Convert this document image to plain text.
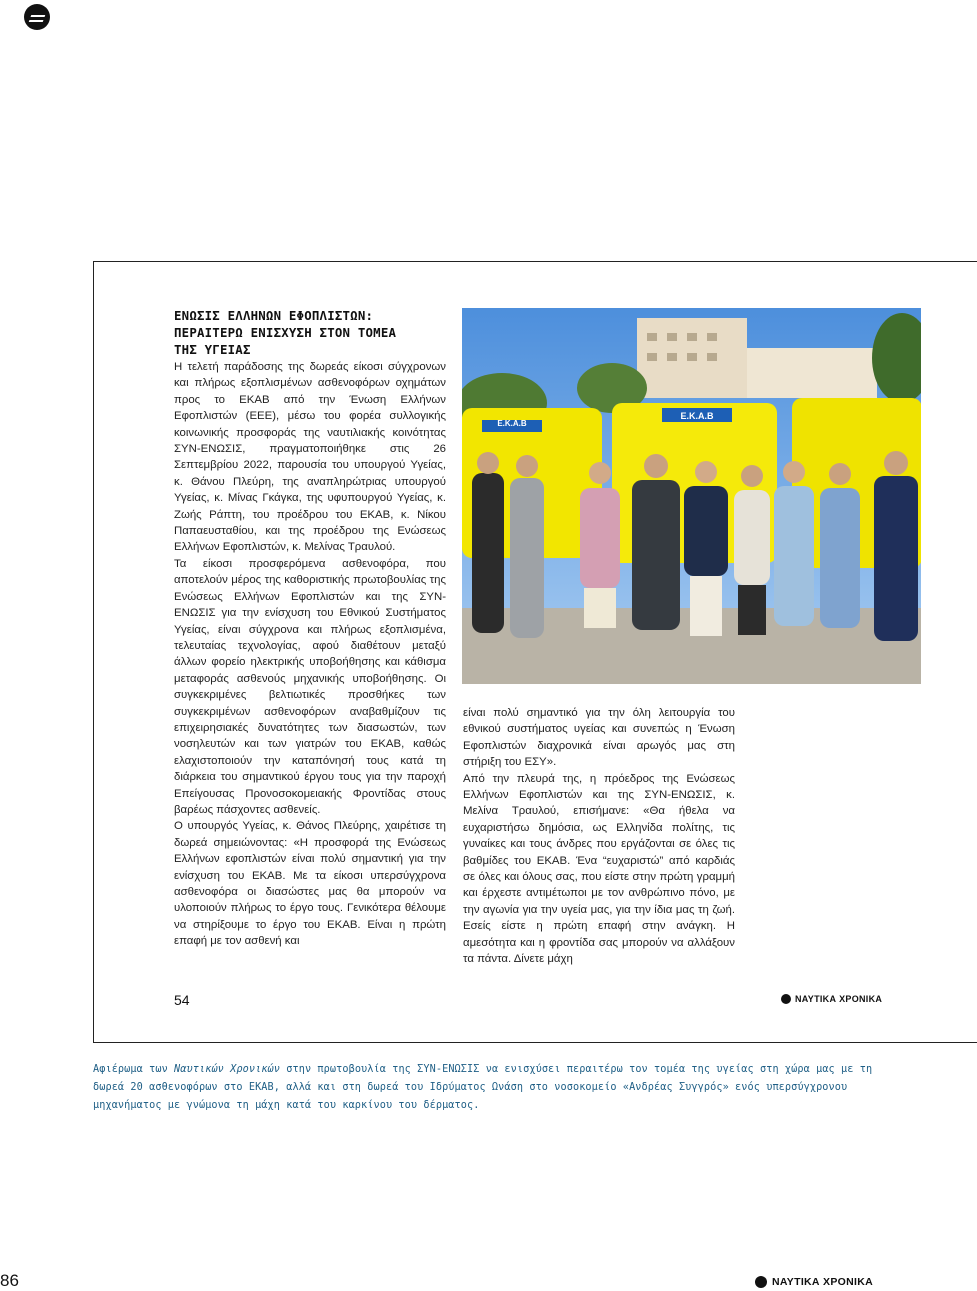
ΕΝΩΣΙΣ ΕΛΛΗΝΩΝ ΕΦΟΠΛΙΣΤΩΝ:
ΠΕΡΑΙΤΕΡΩ ΕΝΙΣΧΥΣΗ ΣΤΟΝ ΤΟΜΕΑ
ΤΗΣ ΥΓΕΙΑΣ

Η τελετή παράδοσης της δωρεάς είκοσι σύγχρονων και πλήρως εξοπλισμένων ασθενοφόρων οχημάτων προς το ΕΚΑΒ από την Ένωση Ελλήνων Εφοπλιστών (ΕΕΕ), μέσω του φορέα συλλογικής κοινωνικής προσφοράς της ναυτιλιακής κοινότητας ΣΥΝ-ΕΝΩΣΙΣ, πραγματοποιήθηκε στις 26 Σεπτεμβρίου 2022, παρουσία του υπουργού Υγείας, κ. Θάνου Πλεύρη, της αναπληρώτριας υπουργού Υγείας, κ. Μίνας Γκάγκα, της υφυπουργού Υγείας, κ. Ζωής Ράπτη, του προέδρου του ΕΚΑΒ, κ. Νίκου Παπαευσταθίου, και της προέδρου της Ενώσεως Ελλήνων Εφοπλιστών, κ. Μελίνας Τραυλού.

Τα είκοσι προσφερόμενα ασθενοφόρα, που αποτελούν μέρος της καθοριστικής πρωτοβουλίας της Ενώσεως Ελλήνων Εφοπλιστών και της ΣΥΝ-ΕΝΩΣΙΣ για την ενίσχυση του Εθνικού Συστήματος Υγείας, είναι σύγχρονα και πλήρως εξοπλισμένα, τελευταίας τεχνολογίας, αφού διαθέτουν μεταξύ άλλων φορείο ηλεκτρικής υποβοήθησης και κάθισμα μεταφοράς ασθενούς μηχανικής υποβοήθησης. Οι συγκεκριμένες βελτιωτικές προσθήκες των συγκεκριμένων ασθενοφόρων αναβαθμίζουν τις επιχειρησιακές δυνατότητες των διασωστών, των νοσηλευτών και των γιατρών του ΕΚΑΒ, καθώς ελαχιστοποιούν την καταπόνησή τους κατά τη διάρκεια του σημαντικού έργου τους για την παροχή Επείγουσας Προνοσοκομειακής Φροντίδας στους βαρέως πάσχοντες ασθενείς.

Ο υπουργός Υγείας, κ. Θάνος Πλεύρης, χαιρέτισε τη δωρεά σημειώνοντας: «Η προσφορά της Ενώσεως Ελλήνων εφοπλιστών είναι πολύ σημαντική για την ενίσχυση του ΕΚΑΒ. Με τα είκοσι υπερσύγχρονα ασθενοφόρα οι διασώστες μας θα μπορούν να υλοποιούν πλήρως το έργο τους. Γενικότερα θέλουμε να στηρίξουμε το έργο του ΕΚΑΒ. Είναι η πρώτη επαφή με τον ασθενή και

E.K.A.B
E.K.A.B

είναι πολύ σημαντικό για την όλη λειτουργία του εθνικού συστήματος υγείας και συνεπώς η Ένωση Εφοπλιστών διαχρονικά είναι αρωγός μας στη στήριξη του ΕΣΥ».

Από την πλευρά της, η πρόεδρος της Ενώσεως Ελλήνων Εφοπλιστών και της ΣΥΝ-ΕΝΩΣΙΣ, κ. Μελίνα Τραυλού, επισήμανε: «Θα ήθελα να ευχαριστήσω δημόσια, ως Ελληνίδα πολίτης, τις γυναίκες και τους άνδρες που εργάζονται σε όλες τις βαθμίδες του ΕΚΑΒ. Ένα “ευχαριστώ” από καρδιάς σε όλες και όλους σας, που είστε στην πρώτη γραμμή και έρχεστε αντιμέτωποι με τον ανθρώπινο πόνο, με την αγωνία για την υγεία μας, για την ίδια μας τη ζωή. Εσείς είστε η πρώτη επαφή στην ανάγκη. Η αμεσότητα και η φροντίδα σας μπορούν να αλλάξουν τα πάντα. Δίνετε μάχη

54	ΝΑΥΤΙΚΑ ΧΡΟΝΙΚΑ
Αφιέρωμα των Ναυτικών Χρονικών στην πρωτοβουλία της ΣΥΝ-ΕΝΩΣΙΣ να ενισχύσει περαιτέρω τον τομέα της υγείας στη χώρα μας με τη δωρεά 20 ασθενοφόρων στο ΕΚΑΒ, αλλά και στη δωρεά του Ιδρύματος Ωνάση στο νοσοκομείο «Ανδρέας Συγγρός» ενός υπερσύγχρονου μηχανήματος με γνώμονα τη μάχη κατά του καρκίνου του δέρματος.
86	ΝΑΥΤΙΚΑ ΧΡΟΝΙΚΑ
